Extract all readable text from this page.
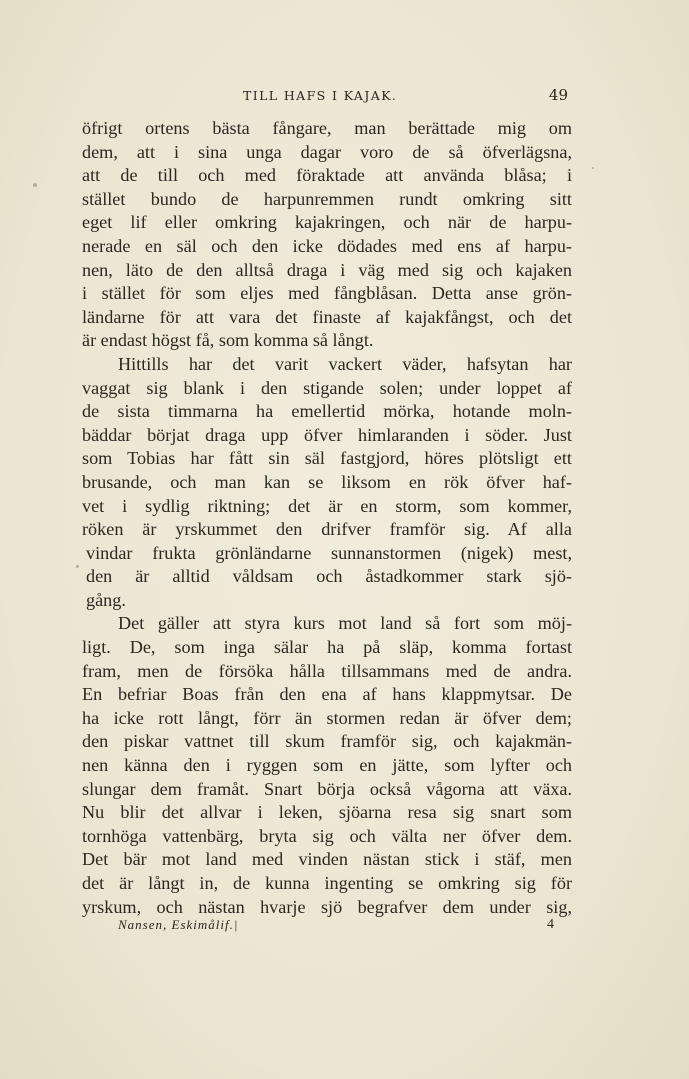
TILL HAFS I KAJAK.	49
öfrigt ortens bästa fångare, man berättade mig om
dem, att i sina unga dagar voro de så öfverlägsna,
att de till och med föraktade att använda blåsa; i
stället bundo de harpunremmen rundt omkring sitt
eget lif eller omkring kajakringen, och när de harpu-
nerade en säl och den icke dödades med ens af harpu-
nen, läto de den alltså draga i väg med sig och kajaken
i stället för som eljes med fångblåsan. Detta anse grön-
ländarne för att vara det finaste af kajakfångst, och det
är endast högst få, som komma så långt.
Hittills har det varit vackert väder, hafsytan har
vaggat sig blank i den stigande solen; under loppet af
de sista timmarna ha emellertid mörka, hotande moln-
bäddar börjat draga upp öfver himlaranden i söder. Just
som Tobias har fått sin säl fastgjord, höres plötsligt ett
brusande, och man kan se liksom en rök öfver haf-
vet i sydlig riktning; det är en storm, som kommer,
röken är yrskummet den drifver framför sig. Af alla
vindar frukta grönländarne sunnanstormen (nigek) mest,
den är alltid våldsam och åstadkommer stark sjö-
gång.
Det gäller att styra kurs mot land så fort som möj-
ligt. De, som inga sälar ha på släp, komma fortast
fram, men de försöka hålla tillsammans med de andra.
En befriar Boas från den ena af hans klappmytsar. De
ha icke rott långt, förr än stormen redan är öfver dem;
den piskar vattnet till skum framför sig, och kajakmän-
nen känna den i ryggen som en jätte, som lyfter och
slungar dem framåt. Snart börja också vågorna att växa.
Nu blir det allvar i leken, sjöarna resa sig snart som
tornhöga vattenbärg, bryta sig och välta ner öfver dem.
Det bär mot land med vinden nästan stick i stäf, men
det är långt in, de kunna ingenting se omkring sig för
yrskum, och nästan hvarje sjö begrafver dem under sig,
Nansen, Eskimålif.|	4
